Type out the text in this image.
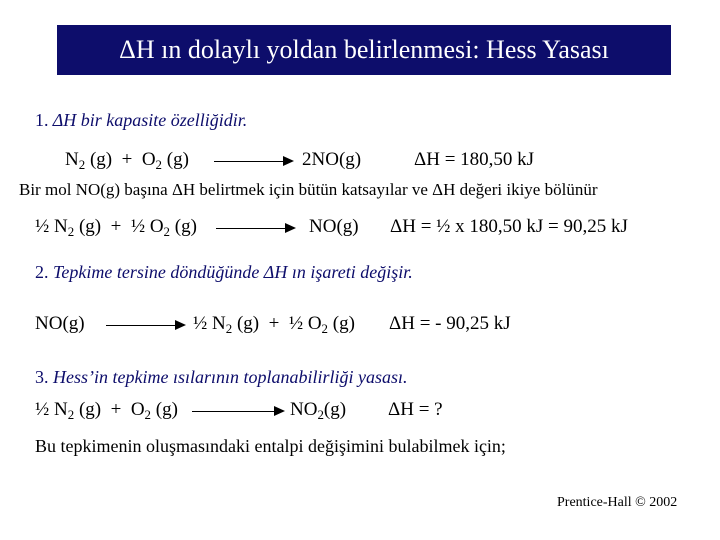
ΔH ın dolaylı yoldan belirlenmesi: Hess Yasası
1. ΔH bir kapasite özelliğidir.
$N_2$ $(g) + O_2$ (g)	2NO(g)	ΔH = 180,50 kJ
Bir mol NO(g) başına ΔH belirtmek için bütün katsayılar ve ΔH değeri ikiye bölünür
½ $N_2$ (g) + ½ $O_2$ (g)	NO(g) ΔH = ½ x 180,50 kJ = 90,25 kJ
2. Tepkime tersine döndüğünde ΔH ın işareti değişir.
NO(g)	½ $N_2$ (g) + ½ $O_2$ (g) ΔH = - 90,25 kJ
3. Hess’in tepkime ısılarının toplanabilirliği yasası.
½ $N_2$ $(g) + O_2$ (g)	$NO_2(g) \Delta H$ = ?
Bu tepkimenin oluşmasındaki entalpi değişimini bulabilmek için;
Prentice-Hall © 2002
